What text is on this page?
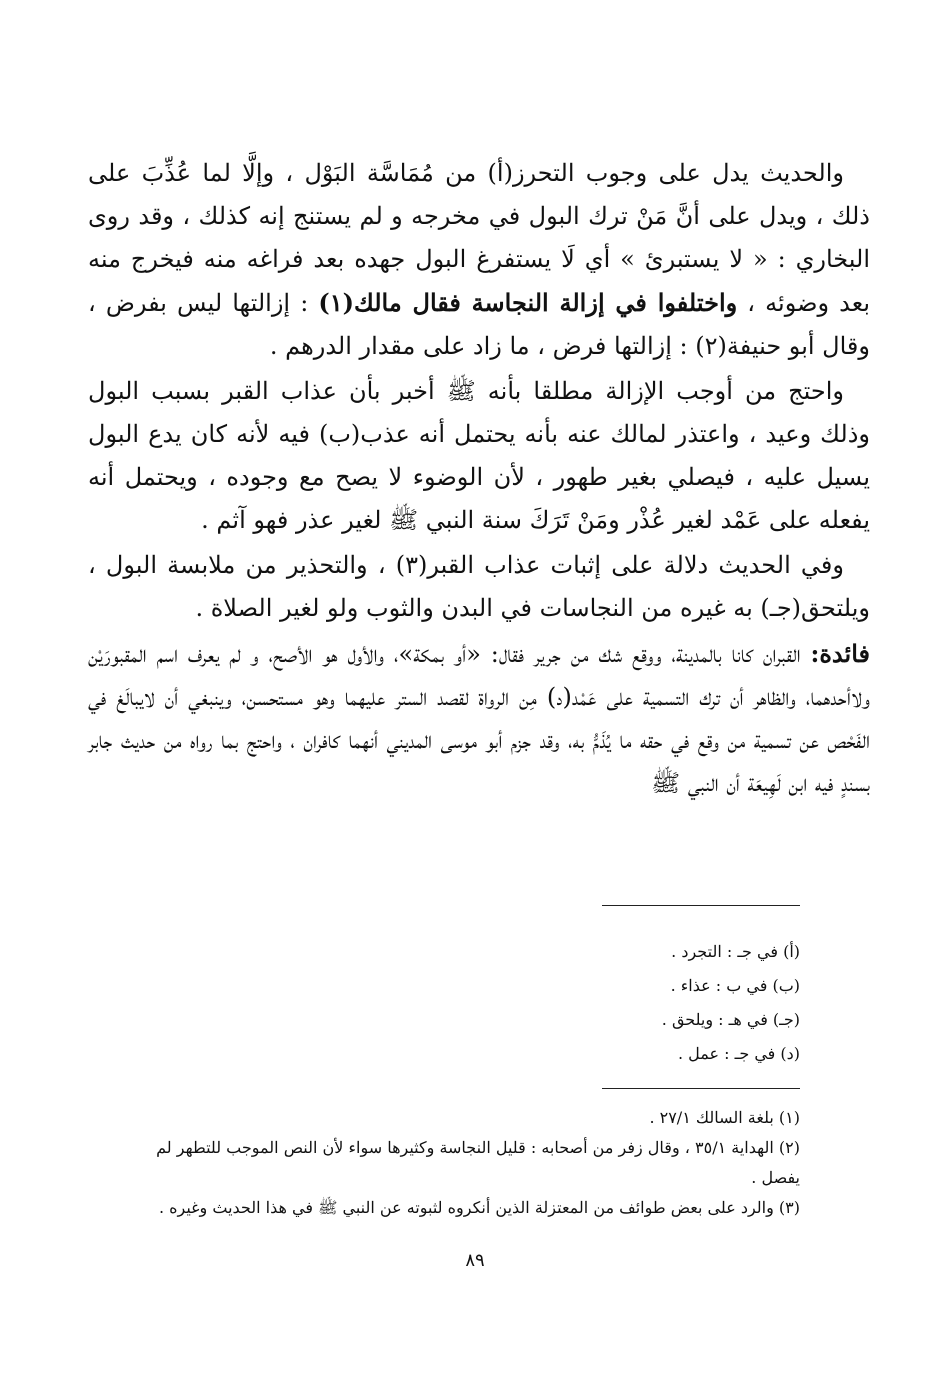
والحديث يدل على وجوب التحرز(أ) من مُمَاسَّة البَوْل ، وإلَّا لما عُذِّبَ على ذلك ، ويدل على أنَّ مَنْ ترك البول في مخرجه و لم يستنج إنه كذلك ، وقد روى البخاري : « لا يستبرئ » أي لَا يستفرغ البول جهده بعد فراغه منه فيخرج منه بعد وضوئه ، واختلفوا في إزالة النجاسة فقال مالك(١) : إزالتها ليس بفرض ، وقال أبو حنيفة(٢) : إزالتها فرض ، ما زاد على مقدار الدرهم .

واحتج من أوجب الإزالة مطلقا بأنه ﷺ أخبر بأن عذاب القبر بسبب البول وذلك وعيد ، واعتذر لمالك عنه بأنه يحتمل أنه عذب(ب) فيه لأنه كان يدع البول يسيل عليه ، فيصلي بغير طهور ، لأن الوضوء لا يصح مع وجوده ، ويحتمل أنه يفعله على عَمْد لغير عُذْر ومَنْ تَرَكَ سنة النبي ﷺ لغير عذر فهو آثم .

وفي الحديث دلالة على إثبات عذاب القبر(٣) ، والتحذير من ملابسة البول ، ويلتحق(جـ) به غيره من النجاسات في البدن والثوب ولو لغير الصلاة .

فائدة: القبران كانا بالمدينة، ووقع شك من جرير فقال: «أو بمكة»، والأول هو الأصح، و لم يعرف اسم المقبورَيْن ولاأحدهما، والظاهر أن ترك التسمية على عَمْد(د) مِن الرواة لقصد الستر عليهما وهو مستحسن، وينبغي أن لايبالَغ في الفَحْص عن تسمية من وقع في حقه ما يُذَمُّ به، وقد جزم أبو موسى المديني أنهما كافران ، واحتج بما رواه من حديث جابر بسندٍ فيه ابن لَهِيعَة أن النبي ﷺ

(أ) في جـ : التجرد .

(ب) في ب : عذاء .

(جـ) في هـ : ويلحق .

(د) في جـ : عمل .

(١) بلغة السالك ٢٧/١ .

(٢) الهداية ٣٥/١ ، وقال زفر من أصحابه : قليل النجاسة وكثيرها سواء لأن النص الموجب للتطهر لم يفصل .

(٣) والرد على بعض طوائف من المعتزلة الذين أنكروه لثبوته عن النبي ﷺ في هذا الحديث وغيره .

٨٩
